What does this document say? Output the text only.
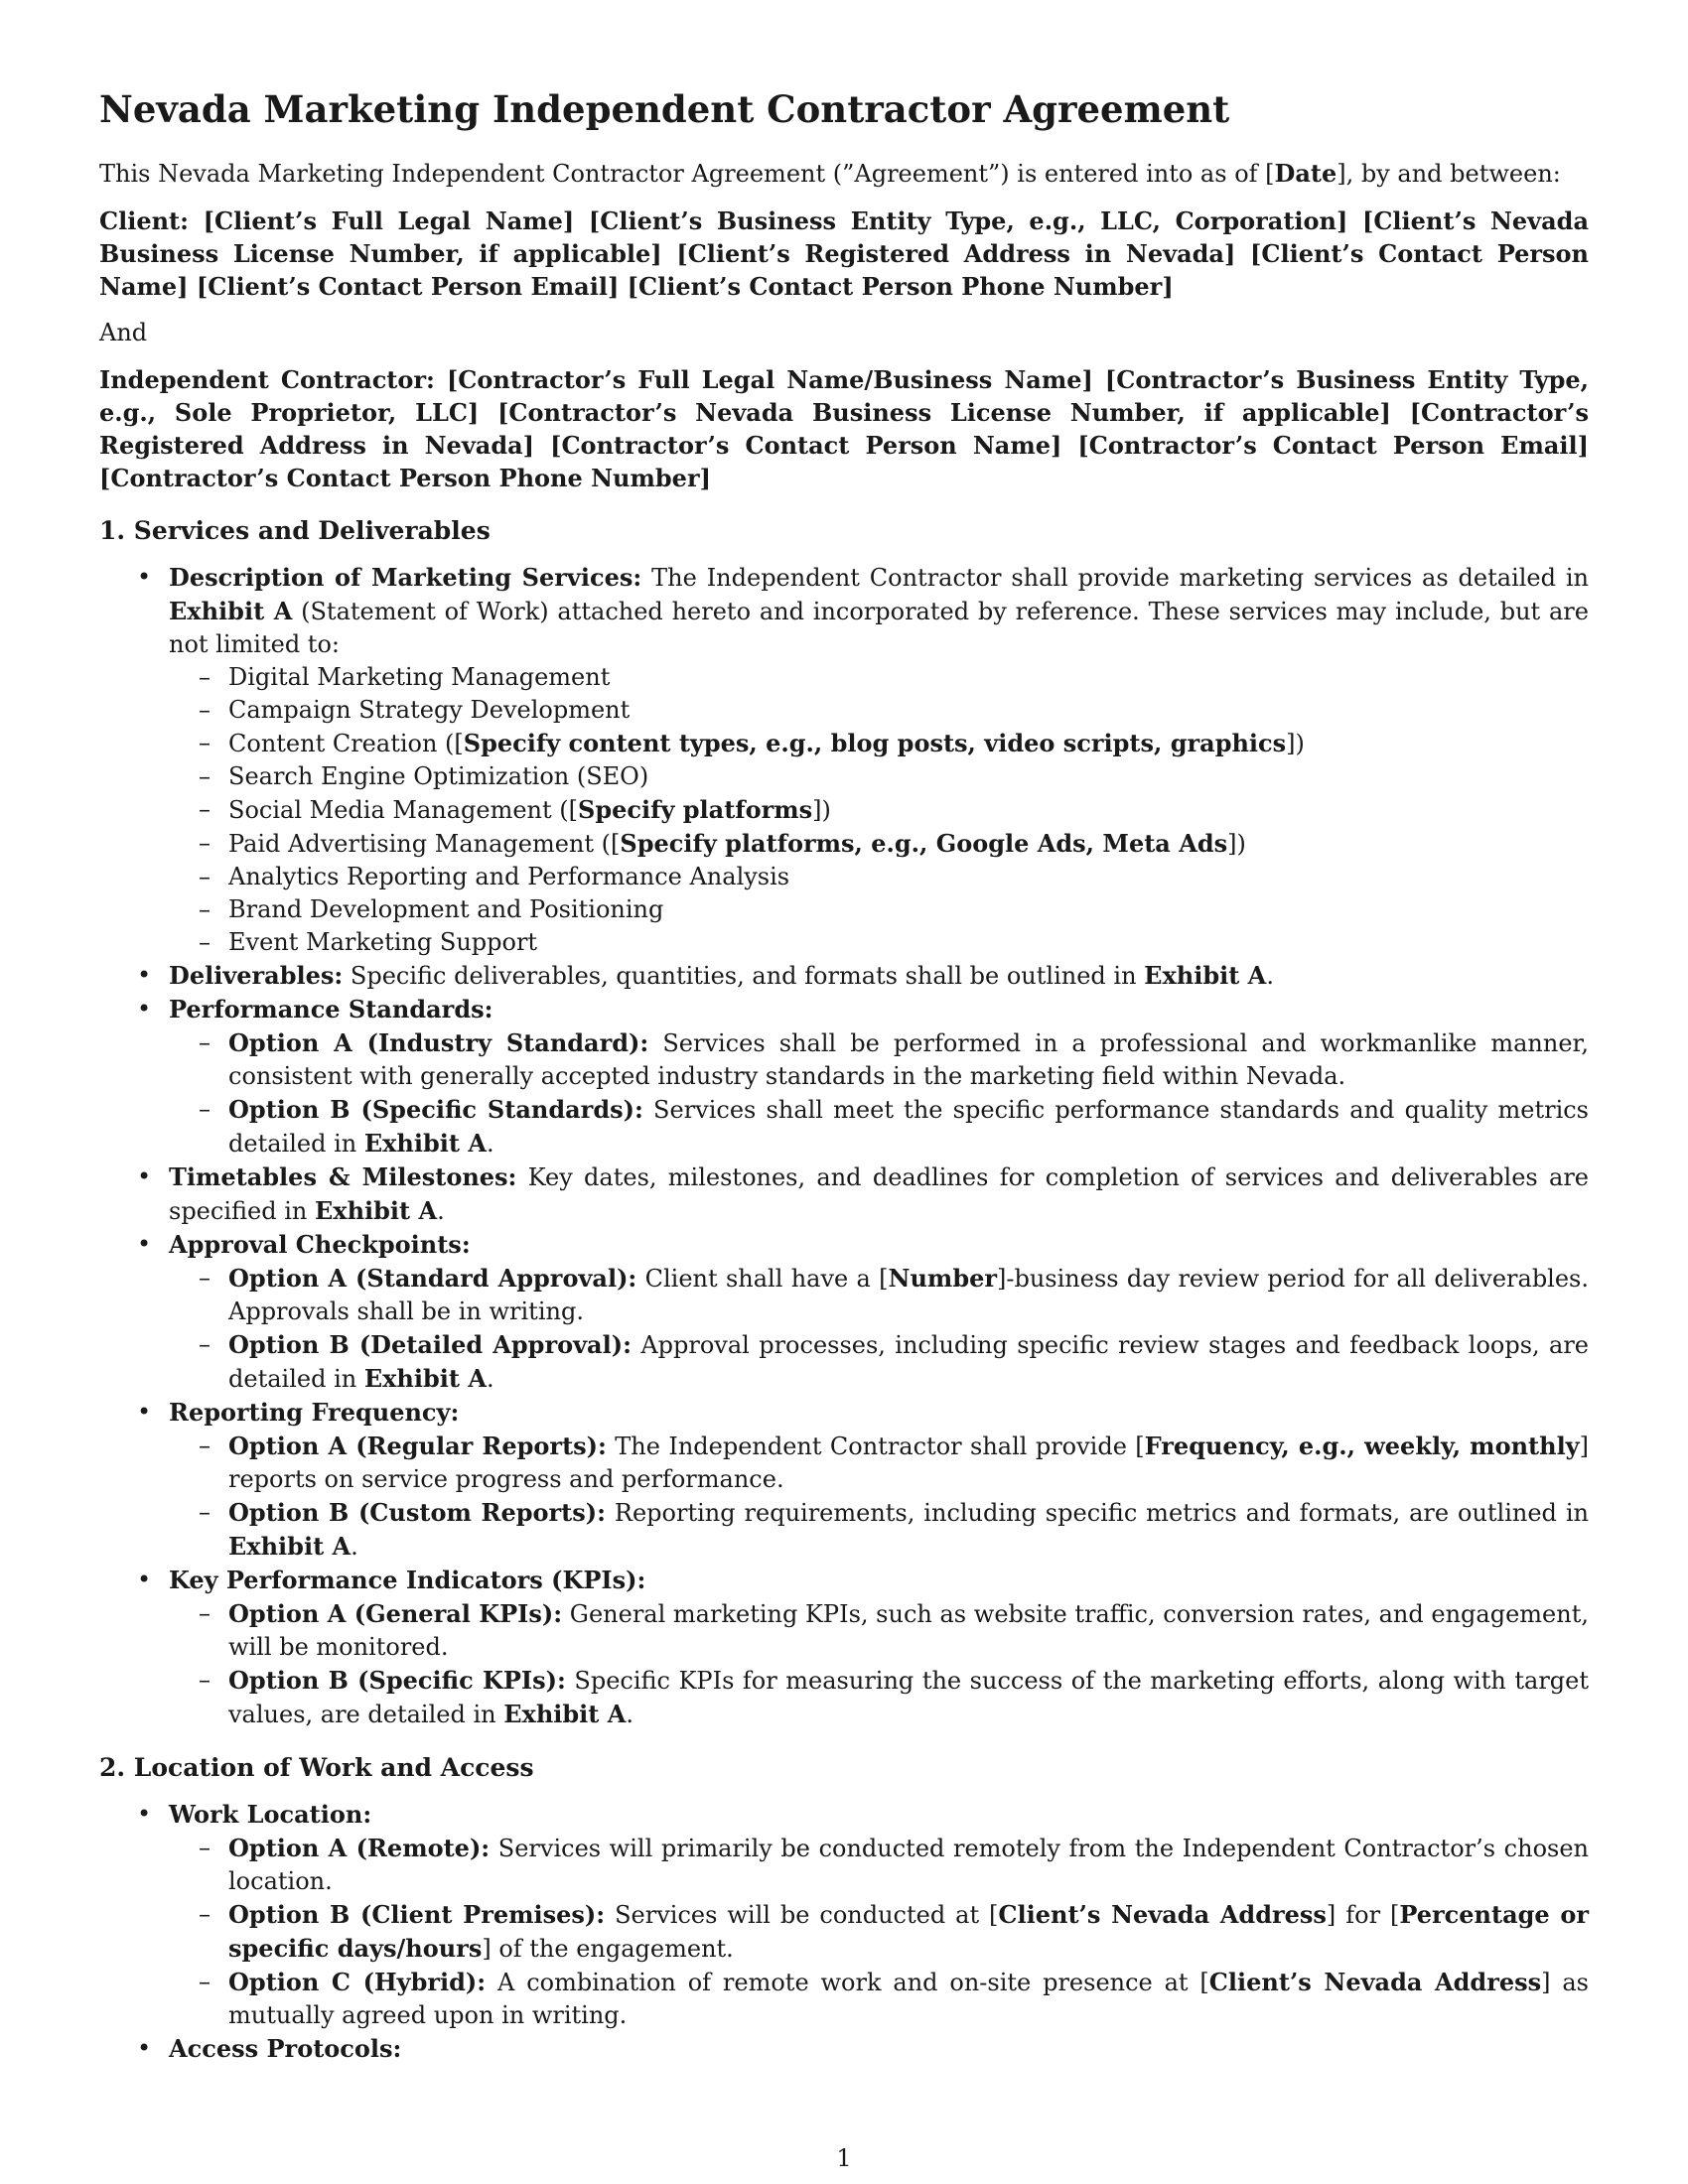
Nevada Marketing Independent Contractor Agreement

This Nevada Marketing Independent Contractor Agreement (”Agreement”) is entered into as of [Date], by and between:

Client: [Client’s Full Legal Name] [Client’s Business Entity Type, e.g., LLC, Corporation] [Client’s Nevada Business License Number, if applicable] [Client’s Registered Address in Nevada] [Client’s Contact Person Name] [Client’s Contact Person Email] [Client’s Contact Person Phone Number]

And

Independent Contractor: [Contractor’s Full Legal Name/Business Name] [Contractor’s Business Entity Type, e.g., Sole Proprietor, LLC] [Contractor’s Nevada Business License Number, if applicable] [Contractor’s Registered Address in Nevada] [Contractor’s Contact Person Name] [Contractor’s Contact Person Email] [Contractor’s Contact Person Phone Number]

1. Services and Deliverables
• Description of Marketing Services: The Independent Contractor shall provide marketing services as detailed in Exhibit A (Statement of Work) attached hereto and incorporated by reference. These services may include, but are not limited to:
– Digital Marketing Management
– Campaign Strategy Development
– Content Creation ([Specify content types, e.g., blog posts, video scripts, graphics])
– Search Engine Optimization (SEO)
– Social Media Management ([Specify platforms])
– Paid Advertising Management ([Specify platforms, e.g., Google Ads, Meta Ads])
– Analytics Reporting and Performance Analysis
– Brand Development and Positioning
– Event Marketing Support
• Deliverables: Specific deliverables, quantities, and formats shall be outlined in Exhibit A.
• Performance Standards:
– Option A (Industry Standard): Services shall be performed in a professional and workmanlike manner, consistent with generally accepted industry standards in the marketing field within Nevada.
– Option B (Specific Standards): Services shall meet the specific performance standards and quality metrics detailed in Exhibit A.
• Timetables & Milestones: Key dates, milestones, and deadlines for completion of services and deliverables are specified in Exhibit A.
• Approval Checkpoints:
– Option A (Standard Approval): Client shall have a [Number]-business day review period for all deliverables. Approvals shall be in writing.
– Option B (Detailed Approval): Approval processes, including specific review stages and feedback loops, are detailed in Exhibit A.
• Reporting Frequency:
– Option A (Regular Reports): The Independent Contractor shall provide [Frequency, e.g., weekly, monthly] reports on service progress and performance.
– Option B (Custom Reports): Reporting requirements, including specific metrics and formats, are outlined in Exhibit A.
• Key Performance Indicators (KPIs):
– Option A (General KPIs): General marketing KPIs, such as website traffic, conversion rates, and engagement, will be monitored.
– Option B (Specific KPIs): Specific KPIs for measuring the success of the marketing efforts, along with target values, are detailed in Exhibit A.
2. Location of Work and Access
• Work Location:
– Option A (Remote): Services will primarily be conducted remotely from the Independent Contractor’s chosen location.
– Option B (Client Premises): Services will be conducted at [Client’s Nevada Address] for [Percentage or specific days/hours] of the engagement.
– Option C (Hybrid): A combination of remote work and on-site presence at [Client’s Nevada Address] as mutually agreed upon in writing.
• Access Protocols:
1
